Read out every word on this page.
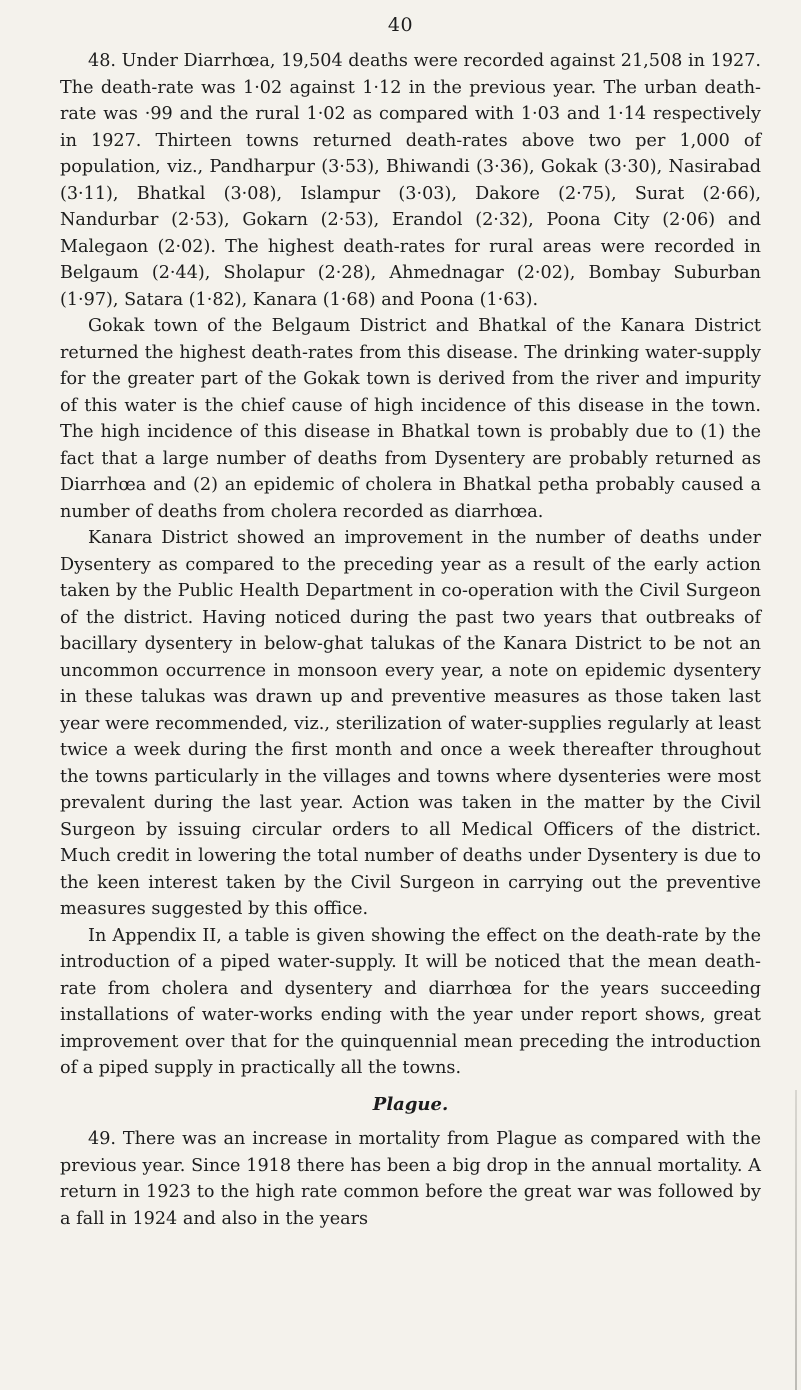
40

48. Under Diarrhœa, 19,504 deaths were recorded against 21,508 in 1927. The death-rate was 1·02 against 1·12 in the previous year. The urban death-rate was ·99 and the rural 1·02 as compared with 1·03 and 1·14 respectively in 1927. Thirteen towns returned death-rates above two per 1,000 of population, viz., Pandharpur (3·53), Bhiwandi (3·36), Gokak (3·30), Nasirabad (3·11), Bhatkal (3·08), Islampur (3·03), Dakore (2·75), Surat (2·66), Nandurbar (2·53), Gokarn (2·53), Erandol (2·32), Poona City (2·06) and Malegaon (2·02). The highest death-rates for rural areas were recorded in Belgaum (2·44), Sholapur (2·28), Ahmednagar (2·02), Bombay Suburban (1·97), Satara (1·82), Kanara (1·68) and Poona (1·63).

Gokak town of the Belgaum District and Bhatkal of the Kanara District returned the highest death-rates from this disease. The drinking water-supply for the greater part of the Gokak town is derived from the river and impurity of this water is the chief cause of high incidence of this disease in the town. The high incidence of this disease in Bhatkal town is probably due to (1) the fact that a large number of deaths from Dysentery are probably returned as Diarrhœa and (2) an epidemic of cholera in Bhatkal petha probably caused a number of deaths from cholera recorded as diarrhœa.

Kanara District showed an improvement in the number of deaths under Dysentery as compared to the preceding year as a result of the early action taken by the Public Health Department in co-operation with the Civil Surgeon of the district. Having noticed during the past two years that outbreaks of bacillary dysentery in below-ghat talukas of the Kanara District to be not an uncommon occurrence in monsoon every year, a note on epidemic dysentery in these talukas was drawn up and preventive measures as those taken last year were recommended, viz., sterilization of water-supplies regularly at least twice a week during the first month and once a week thereafter throughout the towns particularly in the villages and towns where dysenteries were most prevalent during the last year. Action was taken in the matter by the Civil Surgeon by issuing circular orders to all Medical Officers of the district. Much credit in lowering the total number of deaths under Dysentery is due to the keen interest taken by the Civil Surgeon in carrying out the preventive measures suggested by this office.

In Appendix II, a table is given showing the effect on the death-rate by the introduction of a piped water-supply. It will be noticed that the mean death-rate from cholera and dysentery and diarrhœa for the years succeeding installations of water-works ending with the year under report shows, great improvement over that for the quinquennial mean preceding the introduction of a piped supply in practically all the towns.

Plague.

49. There was an increase in mortality from Plague as compared with the previous year. Since 1918 there has been a big drop in the annual mortality. A return in 1923 to the high rate common before the great war was followed by a fall in 1924 and also in the years
